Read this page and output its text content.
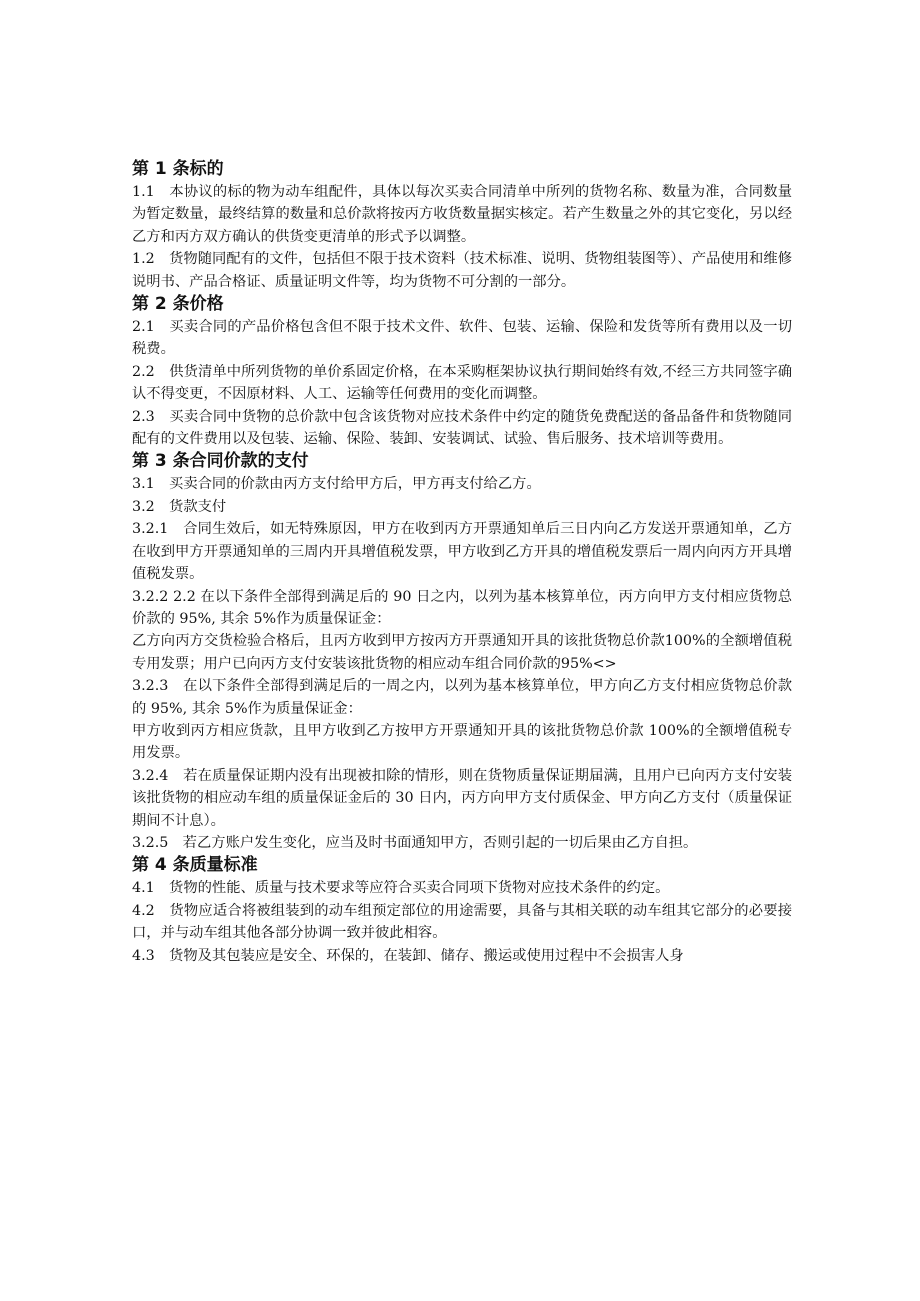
第 1 条标的

1.1　本协议的标的物为动车组配件，具体以每次买卖合同清单中所列的货物名称、数量为准，合同数量为暂定数量，最终结算的数量和总价款将按丙方收货数量据实核定。若产生数量之外的其它变化，另以经乙方和丙方双方确认的供货变更清单的形式予以调整。

1.2　货物随同配有的文件，包括但不限于技术资料（技术标准、说明、货物组装图等）、产品使用和维修说明书、产品合格证、质量证明文件等，均为货物不可分割的一部分。

第 2 条价格

2.1　买卖合同的产品价格包含但不限于技术文件、软件、包装、运输、保险和发货等所有费用以及一切税费。

2.2　供货清单中所列货物的单价系固定价格，在本采购框架协议执行期间始终有效,不经三方共同签字确认不得变更，不因原材料、人工、运输等任何费用的变化而调整。

2.3　买卖合同中货物的总价款中包含该货物对应技术条件中约定的随货免费配送的备品备件和货物随同配有的文件费用以及包装、运输、保险、装卸、安装调试、试验、售后服务、技术培训等费用。

第 3 条合同价款的支付

3.1　买卖合同的价款由丙方支付给甲方后，甲方再支付给乙方。

3.2　货款支付

3.2.1　合同生效后，如无特殊原因，甲方在收到丙方开票通知单后三日内向乙方发送开票通知单，乙方在收到甲方开票通知单的三周内开具增值税发票，甲方收到乙方开具的增值税发票后一周内向丙方开具增值税发票。

3.2.2 2.2 在以下条件全部得到满足后的 90 日之内，以列为基本核算单位，丙方向甲方支付相应货物总价款的 95%, 其余 5%作为质量保证金：

乙方向丙方交货检验合格后，且丙方收到甲方按丙方开票通知开具的该批货物总价款100%的全额增值税专用发票；用户已向丙方支付安装该批货物的相应动车组合同价款的95%<>

3.2.3　在以下条件全部得到满足后的一周之内，以列为基本核算单位，甲方向乙方支付相应货物总价款的 95%, 其余 5%作为质量保证金：

甲方收到丙方相应货款，且甲方收到乙方按甲方开票通知开具的该批货物总价款 100%的全额增值税专用发票。

3.2.4　若在质量保证期内没有出现被扣除的情形，则在货物质量保证期届满，且用户已向丙方支付安装该批货物的相应动车组的质量保证金后的 30 日内，丙方向甲方支付质保金、甲方向乙方支付（质量保证期间不计息）。

3.2.5　若乙方账户发生变化，应当及时书面通知甲方，否则引起的一切后果由乙方自担。

第 4 条质量标准

4.1　货物的性能、质量与技术要求等应符合买卖合同项下货物对应技术条件的约定。

4.2　货物应适合将被组装到的动车组预定部位的用途需要，具备与其相关联的动车组其它部分的必要接口，并与动车组其他各部分协调一致并彼此相容。

4.3　货物及其包装应是安全、环保的，在装卸、储存、搬运或使用过程中不会损害人身
